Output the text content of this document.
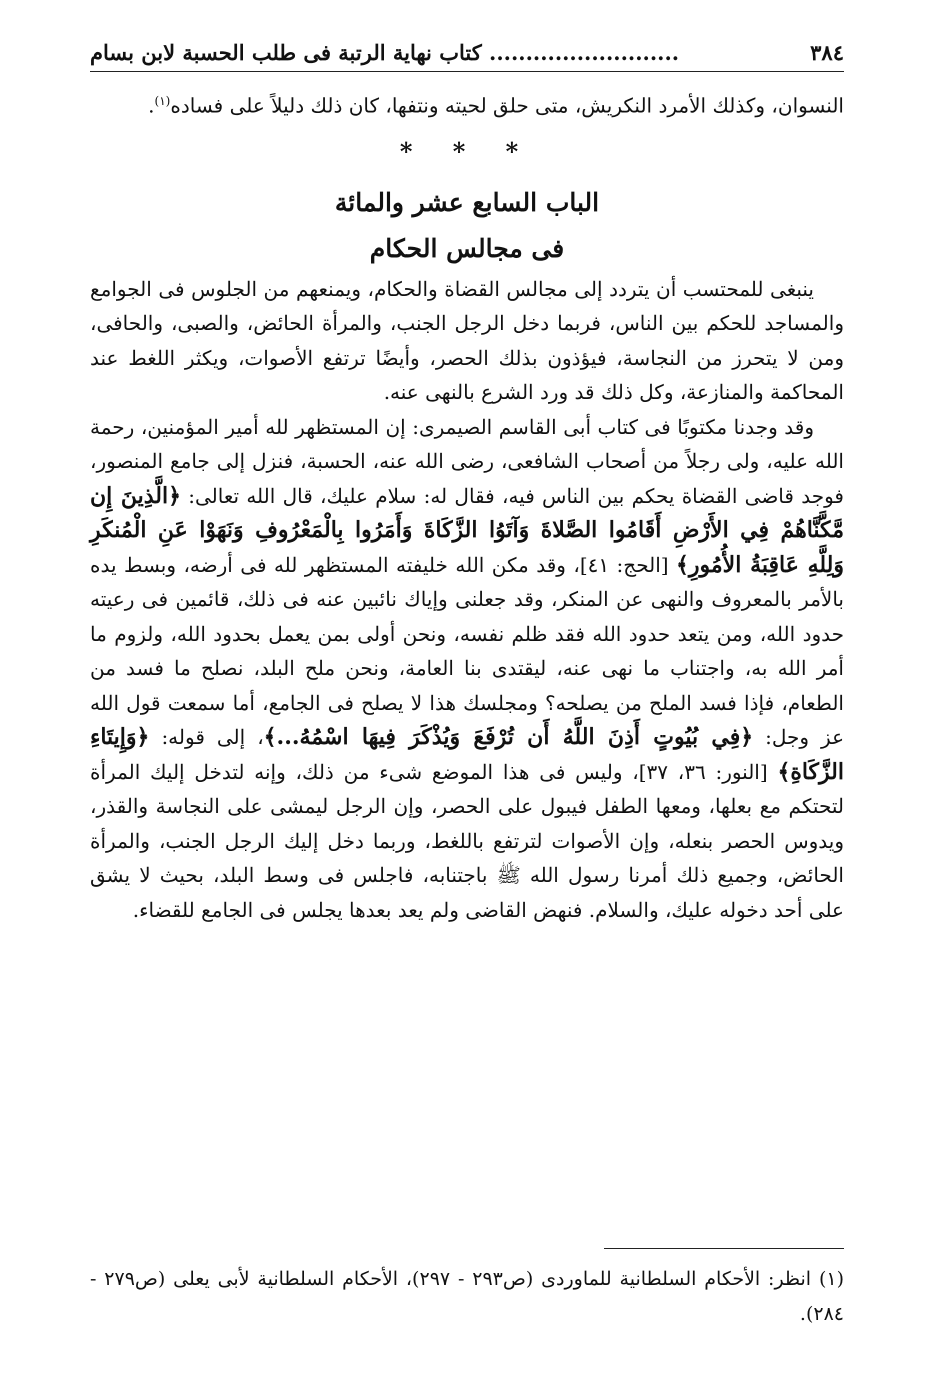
٣٨٤
.......................... كتاب نهاية الرتبة فى طلب الحسبة لابن بسام

النسوان، وكذلك الأمرد النكريش، متى حلق لحيته ونتفها، كان ذلك دليلاً على فساده$^{(١)}$.

* * *

الباب السابع عشر والمائة

فى مجالس الحكام

ينبغى للمحتسب أن يتردد إلى مجالس القضاة والحكام، ويمنعهم من الجلوس فى الجوامع والمساجد للحكم بين الناس، فربما دخل الرجل الجنب، والمرأة الحائض، والصبى، والحافى، ومن لا يتحرز من النجاسة، فيؤذون بذلك الحصر، وأيضًا ترتفع الأصوات، ويكثر اللغط عند المحاكمة والمنازعة، وكل ذلك قد ورد الشرع بالنهى عنه.

وقد وجدنا مكتوبًا فى كتاب أبى القاسم الصيمرى: إن المستظهر لله أمير المؤمنين، رحمة الله عليه، ولى رجلاً من أصحاب الشافعى، رضى الله عنه، الحسبة، فنزل إلى جامع المنصور، فوجد قاضى القضاة يحكم بين الناس فيه، فقال له: سلام عليك، قال الله تعالى: ﴿الَّذِينَ إِن مَّكَّنَّاهُمْ فِي الأَرْضِ أَقَامُوا الصَّلاةَ وَآتَوُا الزَّكَاةَ وَأَمَرُوا بِالْمَعْرُوفِ وَنَهَوْا عَنِ الْمُنكَرِ وَلِلَّهِ عَاقِبَةُ الأُمُورِ﴾ [الحج: ٤١]، وقد مكن الله خليفته المستظهر لله فى أرضه، وبسط يده بالأمر بالمعروف والنهى عن المنكر، وقد جعلنى وإياك نائبين عنه فى ذلك، قائمين فى رعيته حدود الله، ومن يتعد حدود الله فقد ظلم نفسه، ونحن أولى بمن يعمل بحدود الله، ولزوم ما أمر الله به، واجتناب ما نهى عنه، ليقتدى بنا العامة، ونحن ملح البلد، نصلح ما فسد من الطعام، فإذا فسد الملح من يصلحه؟ ومجلسك هذا لا يصلح فى الجامع، أما سمعت قول الله عز وجل: ﴿فِي بُيُوتٍ أَذِنَ اللَّهُ أَن تُرْفَعَ وَيُذْكَرَ فِيهَا اسْمُهُ...﴾، إلى قوله: ﴿وَإِيتَاءِ الزَّكَاةِ﴾ [النور: ٣٦، ٣٧]، وليس فى هذا الموضع شىء من ذلك، وإنه لتدخل إليك المرأة لتحتكم مع بعلها، ومعها الطفل فيبول على الحصر، وإن الرجل ليمشى على النجاسة والقذر، ويدوس الحصر بنعله، وإن الأصوات لترتفع باللغط، وربما دخل إليك الرجل الجنب، والمرأة الحائض، وجميع ذلك أمرنا رسول الله ﷺ باجتنابه، فاجلس فى وسط البلد، بحيث لا يشق على أحد دخوله عليك، والسلام. فنهض القاضى ولم يعد بعدها يجلس فى الجامع للقضاء.

(١) انظر: الأحكام السلطانية للماوردى (ص٢٩٣ - ٢٩٧)، الأحكام السلطانية لأبى يعلى (ص٢٧٩ - ٢٨٤).
